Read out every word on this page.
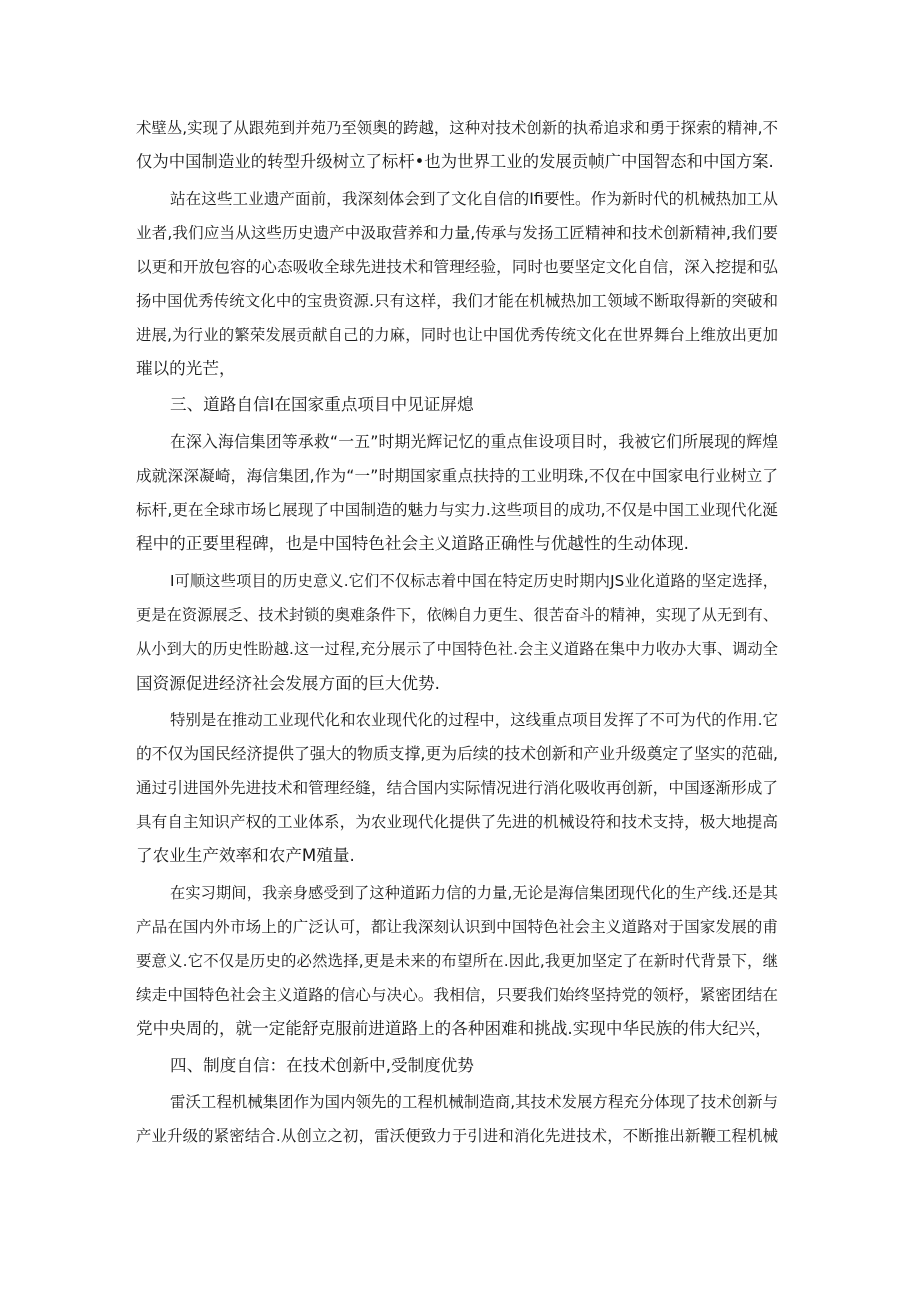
术壁丛,实现了从跟苑到并苑乃至领奥的跨越，这种对技术创新的执希追求和勇于探索的精神,不
仅为中国制造业的转型升级树立了标杆•也为世界工业的发展贡帧广中国智态和中国方案.
站在这些工业遗产面前，我深刻体会到了文化自信的Ifi要性。作为新时代的机械热加工从
业者,我们应当从这些历史遗产中汲取营养和力量,传承与发扬工匠精神和技术创新精神,我们要
以更和开放包容的心态吸收全球先进技术和管理经验，同时也要坚定文化自信，深入挖提和弘
扬中国优秀传统文化中的宝贵资源.只有这样，我们才能在机械热加工领域不断取得新的突破和
进展,为行业的繁荣发展贡献自己的力麻，同时也让中国优秀传统文化在世界舞台上维放出更加
璀以的光芒，
三、道路自信I在国家重点项目中见证屏熄
在深入海信集团等承救“一五”时期光辉记忆的重点隹设项目时，我被它们所展现的辉煌
成就深深凝崎，海信集团,作为“一”时期国家重点扶持的工业明珠,不仅在中国家电行业树立了
标杆,更在全球市场匕展现了中国制造的魅力与实力.这些项目的成功,不仅是中国工业现代化涎
程中的正要里程碑，也是中国特色社会主义道路正确性与优越性的生动体现.
I可顺这些项目的历史意义.它们不仅标志着中国在特定历史时期内JS业化道路的坚定选择，
更是在资源展乏、技术封锁的奥难条件下，依㈱自力更生、很苦奋斗的精神，实现了从无到有、
从小到大的历史性盼越.这一过程,充分展示了中国特色社.会主义道路在集中力收办大事、调动全
国资源促进经济社会发展方面的巨大优势.
特别是在推动工业现代化和农业现代化的过程中，这线重点项目发挥了不可为代的作用.它
的不仅为国民经济提供了强大的物质支撑,更为后续的技术创新和产业升级奠定了坚实的范础,
通过引进国外先进技术和管理经缝，结合国内实际情况进行消化吸收再创新，中国逐渐形成了
具有自主知识产权的工业体系，为农业现代化提供了先进的机械设符和技术支持，极大地提高
了农业生产效率和农产M殖量.
在实习期间，我亲身感受到了这种道跖力信的力量,无论是海信集团现代化的生产线.还是其
产品在国内外市场上的广泛认可，都让我深刻认识到中国特色社会主义道路对于国家发展的甫
要意义.它不仅是历史的必然选择,更是未来的布望所在.因此,我更加坚定了在新时代背景下，继
续走中国特色社会主义道路的信心与决心。我相信，只要我们始终坚持党的领杼，紧密团结在
党中央周的，就一定能舒克服前进道路上的各种困难和挑战.实现中华民族的伟大纪兴，
四、制度自信：在技术创新中,受制度优势
雷沃工程机械集团作为国内领先的工程机械制造商,其技术发展方程充分体现了技术创新与
产业升级的紧密结合.从创立之初，雷沃便致力于引进和消化先进技术，不断推出新鞭工程机械
